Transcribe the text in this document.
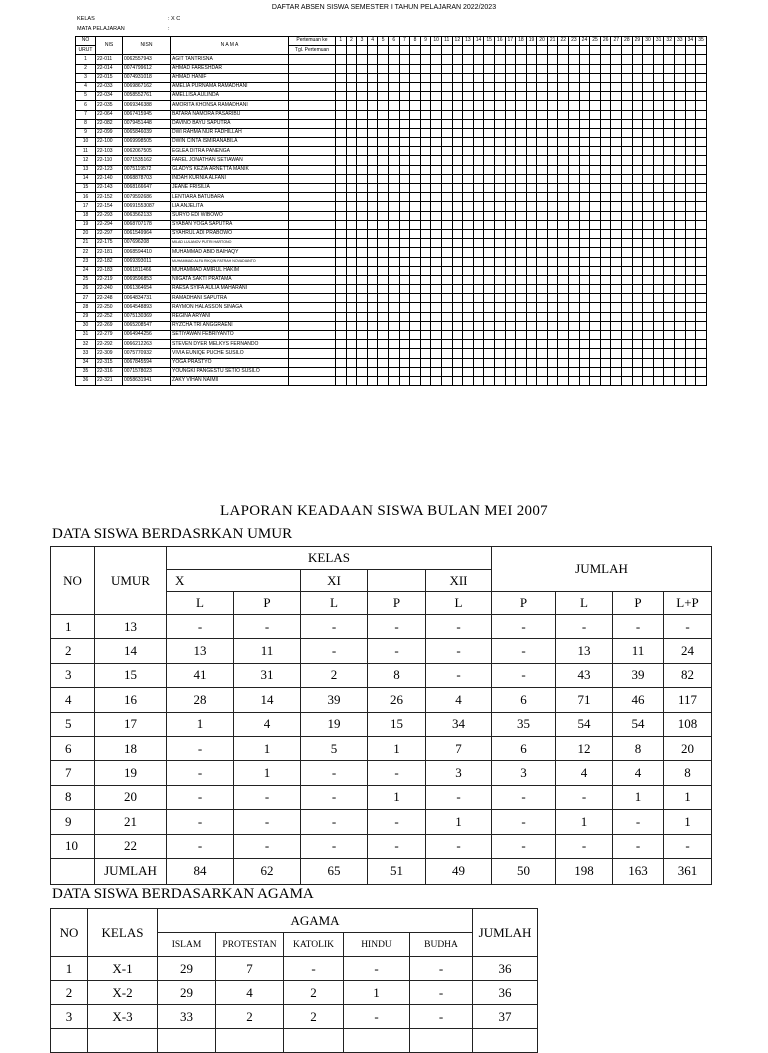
DAFTAR ABSEN SISWA SEMESTER I TAHUN PELAJARAN 2022/2023
KELAS	: X C
MATA PELAJARAN	:
NO	NIS	NISN	N A M A	Pertemuan ke	1	2	3	4	5	6	7	8	9	10	11	12	13	14	15	16	17	18	19	20	21	22	23	24	25	26	27	28	29	30	31	32	33	34	35
URUT				Tgl. Pertemuan																																			
1	22-011	0062557943	AGIT TANTRISNA																																				
2	22-014	0074799612	AHMAD FARESHDAR																																				
3	22-015	0074931018	AHMAD HANIF																																				
4	22-033	0069867162	AMELIA PURNAMA RAMADHANI																																				
5	22-034	0058552761	AMELLISA AULINDA																																				
6	22-035	0069346388	AMORITA KHONSA RAMADHANI																																				
7	22-064	0067415945	BATARA NAMORA PASARIBU																																				
8	22-082	0079451448	DAVINO BAYU SAPUTRA																																				
9	22-099	0065846039	DWI RAHMA NUR FADHILLAH																																				
10	22-100	0069998505	DWIN CINTA ISMIRANABILA																																				
11	22-103	0062067505	EGLEA DITRA PANENGA																																				
12	22-110	0071535162	FAREL JONATHAN SETIAWAN																																				
13	22-123	0075119572	GLADYS KEZIA ARNETTA MANIK																																				
14	22-140	0068878703	INDAH KURNIA ALFANI																																				
15	22-143	0068166647	JEANE FRISILIA																																				
16	22-152	0079592686	LENTIARA BATUBARA																																				
17	22-154	00691553087	LIA ANJELITA																																				
18	22-293	0063562133	SURYO EDI WIBOWO																																				
19	22-294	0068707178	SYABAN YOGA SAPUTRA																																				
20	22-297	0061549964	SYAHRUL ADI PRABOWO																																				
21	22-175	007696208	MILAD LULANOV PUTRI HARTONO																																				
22	22-181	0068594410	MUHAMMAD ABID BAIHAQY																																				
23	22-182	0069393011	MUHAMMAD ALFA RIKQIN FATRAH NOVADIANTO																																				
24	22-183	0061811466	MUHAMMAD AMIRUL HAKIM																																				
25	22-219	0069596853	NIIGATA SAKTI PRATAMA																																				
26	22-240	0061364654	RAESA SYIFA AULIA MAHARANI																																				
27	22-248	0064834731	RAMADHANI SAPUTRA																																				
28	22-250	0064548893	RAYMON HALASSON SINAGA																																				
29	22-252	0075130369	REGINA ARYANI																																				
30	22-269	0065208547	RYZCHA TRI ANGGRAENI																																				
31	22-279	0064944256	SETIYAWAN FEBRIYANTO																																				
32	22-292	0066212263	STEVEN DYER MELKYS FERNANDO																																				
33	22-309	0075770932	VIVIA EUNIQE PUCHE SUSILO																																				
34	22-315	0067845594	YOGA PRASTYO																																				
35	22-316	0071578023	YOUNGKI PANGESTU SETIO SUSILO																																				
36	22-321	0058631941	ZAKY VIHAN NAIMII																																				
LAPORAN KEADAAN SISWA BULAN MEI 2007
DATA SISWA BERDASRKAN UMUR
NO	UMUR	KELAS					JUMLAH			
		X		XI		XII				
		L	P	L	P	L	P	L	P	L+P
1	13	-	-	-	-	-	-	-	-	-
2	14	13	11	-	-	-	-	13	11	24
3	15	41	31	2	8	-	-	43	39	82
4	16	28	14	39	26	4	6	71	46	117
5	17	1	4	19	15	34	35	54	54	108
6	18	-	1	5	1	7	6	12	8	20
7	19	-	1	-	-	3	3	4	4	8
8	20	-	-	-	1	-	-	-	1	1
9	21	-	-	-	-	1	-	1	-	1
10	22	-	-	-	-	-	-	-	-	-
	JUMLAH	84	62	65	51	49	50	198	163	361
DATA SISWA BERDASARKAN AGAMA
NO	KELAS	AGAMA					JUMLAH
		ISLAM	PROTESTAN	KATOLIK	HINDU	BUDHA	
1	X-1	29	7	-	-	-	36
2	X-2	29	4	2	1	-	36
3	X-3	33	2	2	-	-	37
